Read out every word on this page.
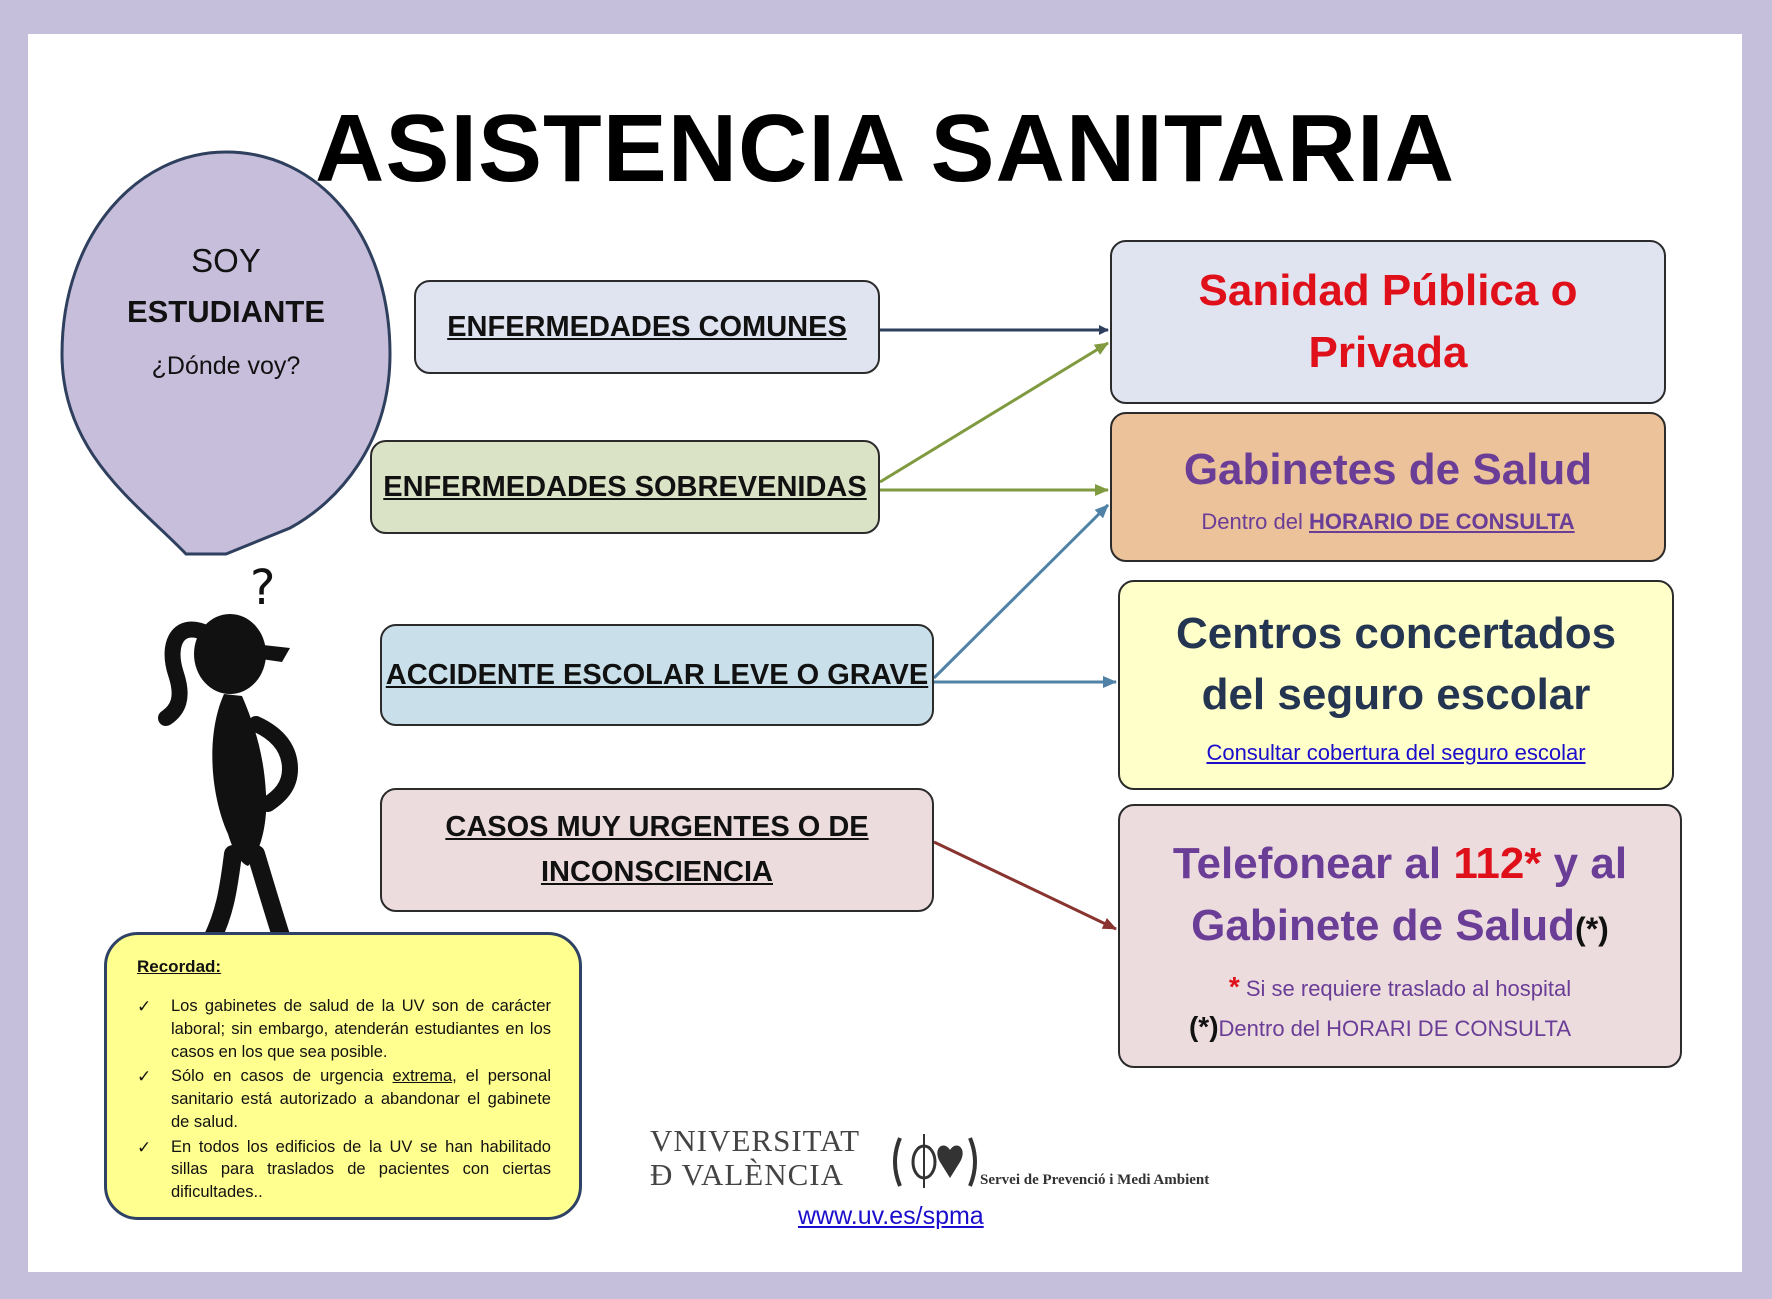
ASISTENCIA SANITARIA
?
SOY
ESTUDIANTE
¿Dónde voy?
ENFERMEDADES COMUNES
ENFERMEDADES SOBREVENIDAS
ACCIDENTE ESCOLAR LEVE O GRAVE
CASOS MUY URGENTES O DE
INCONSCIENCIA
Sanidad Pública o
Privada
Gabinetes de Salud
Dentro del HORARIO DE CONSULTA
Centros concertados
del seguro escolar
Consultar cobertura del seguro escolar
Telefonear al 112* y al
Gabinete de Salud(*)
* Si se requiere traslado al hospital
(*)Dentro del HORARI DE CONSULTA
Recordad:
✓ Los gabinetes de salud de la UV son de carácter laboral; sin embargo, atenderán estudiantes en los casos en los que sea posible.
✓ Sólo en casos de urgencia extrema, el personal sanitario está autorizado a abandonar el gabinete de salud.
✓ En todos los edificios de la UV se han habilitado sillas para traslados de pacientes con ciertas dificultades..
VNIVERSITAT
Ð VALÈNCIA	Servei de Prevenció i Medi Ambient
www.uv.es/spma
